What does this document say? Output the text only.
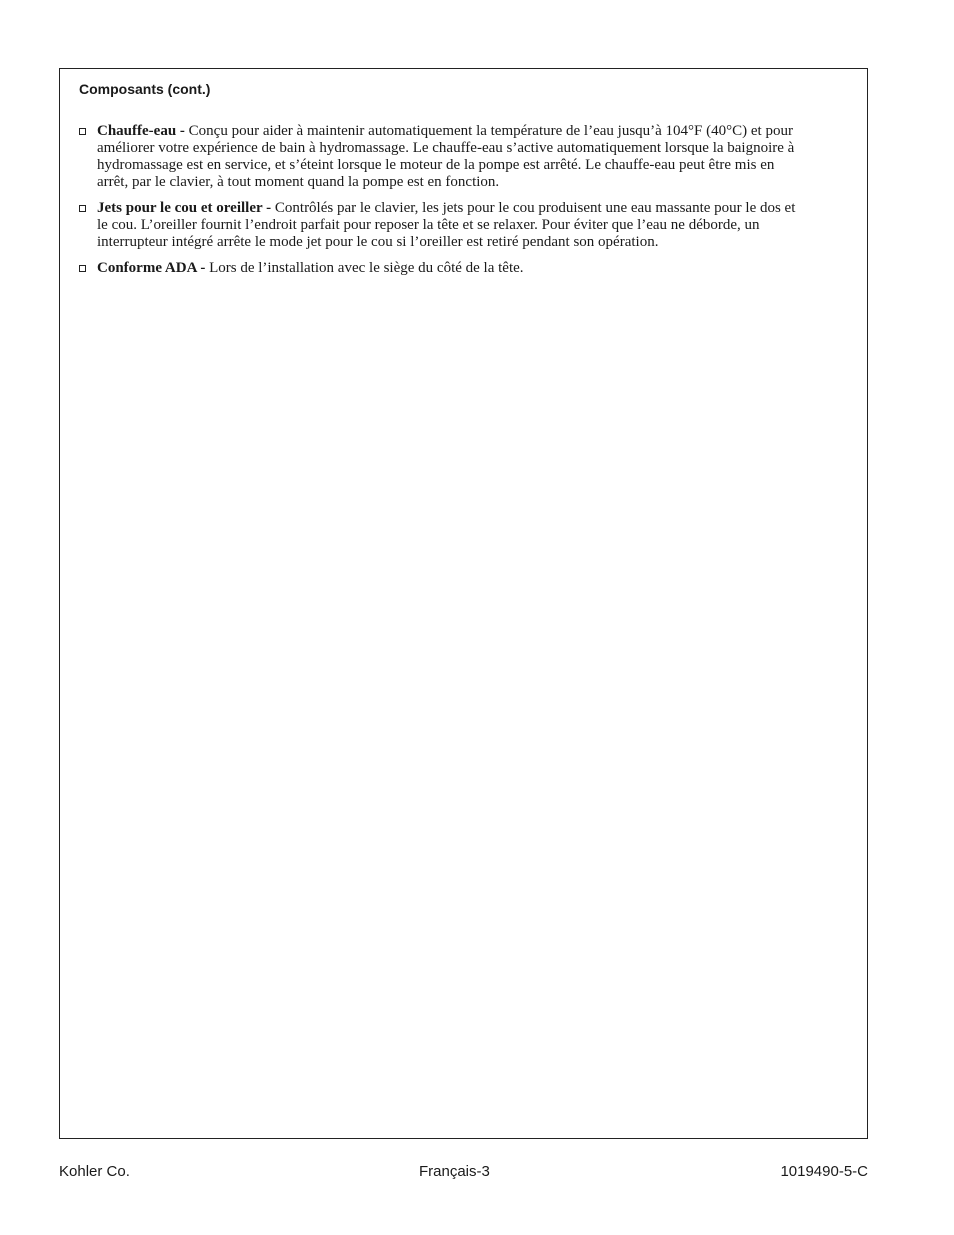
Composants (cont.)
Chauffe-eau - Conçu pour aider à maintenir automatiquement la température de l’eau jusqu’à 104°F (40°C) et pour améliorer votre expérience de bain à hydromassage. Le chauffe-eau s’active automatiquement lorsque la baignoire à hydromassage est en service, et s’éteint lorsque le moteur de la pompe est arrêté. Le chauffe-eau peut être mis en arrêt, par le clavier, à tout moment quand la pompe est en fonction.
Jets pour le cou et oreiller - Contrôlés par le clavier, les jets pour le cou produisent une eau massante pour le dos et le cou. L’oreiller fournit l’endroit parfait pour reposer la tête et se relaxer. Pour éviter que l’eau ne déborde, un interrupteur intégré arrête le mode jet pour le cou si l’oreiller est retiré pendant son opération.
Conforme ADA - Lors de l’installation avec le siège du côté de la tête.
Kohler Co.	Français-3	1019490-5-C
